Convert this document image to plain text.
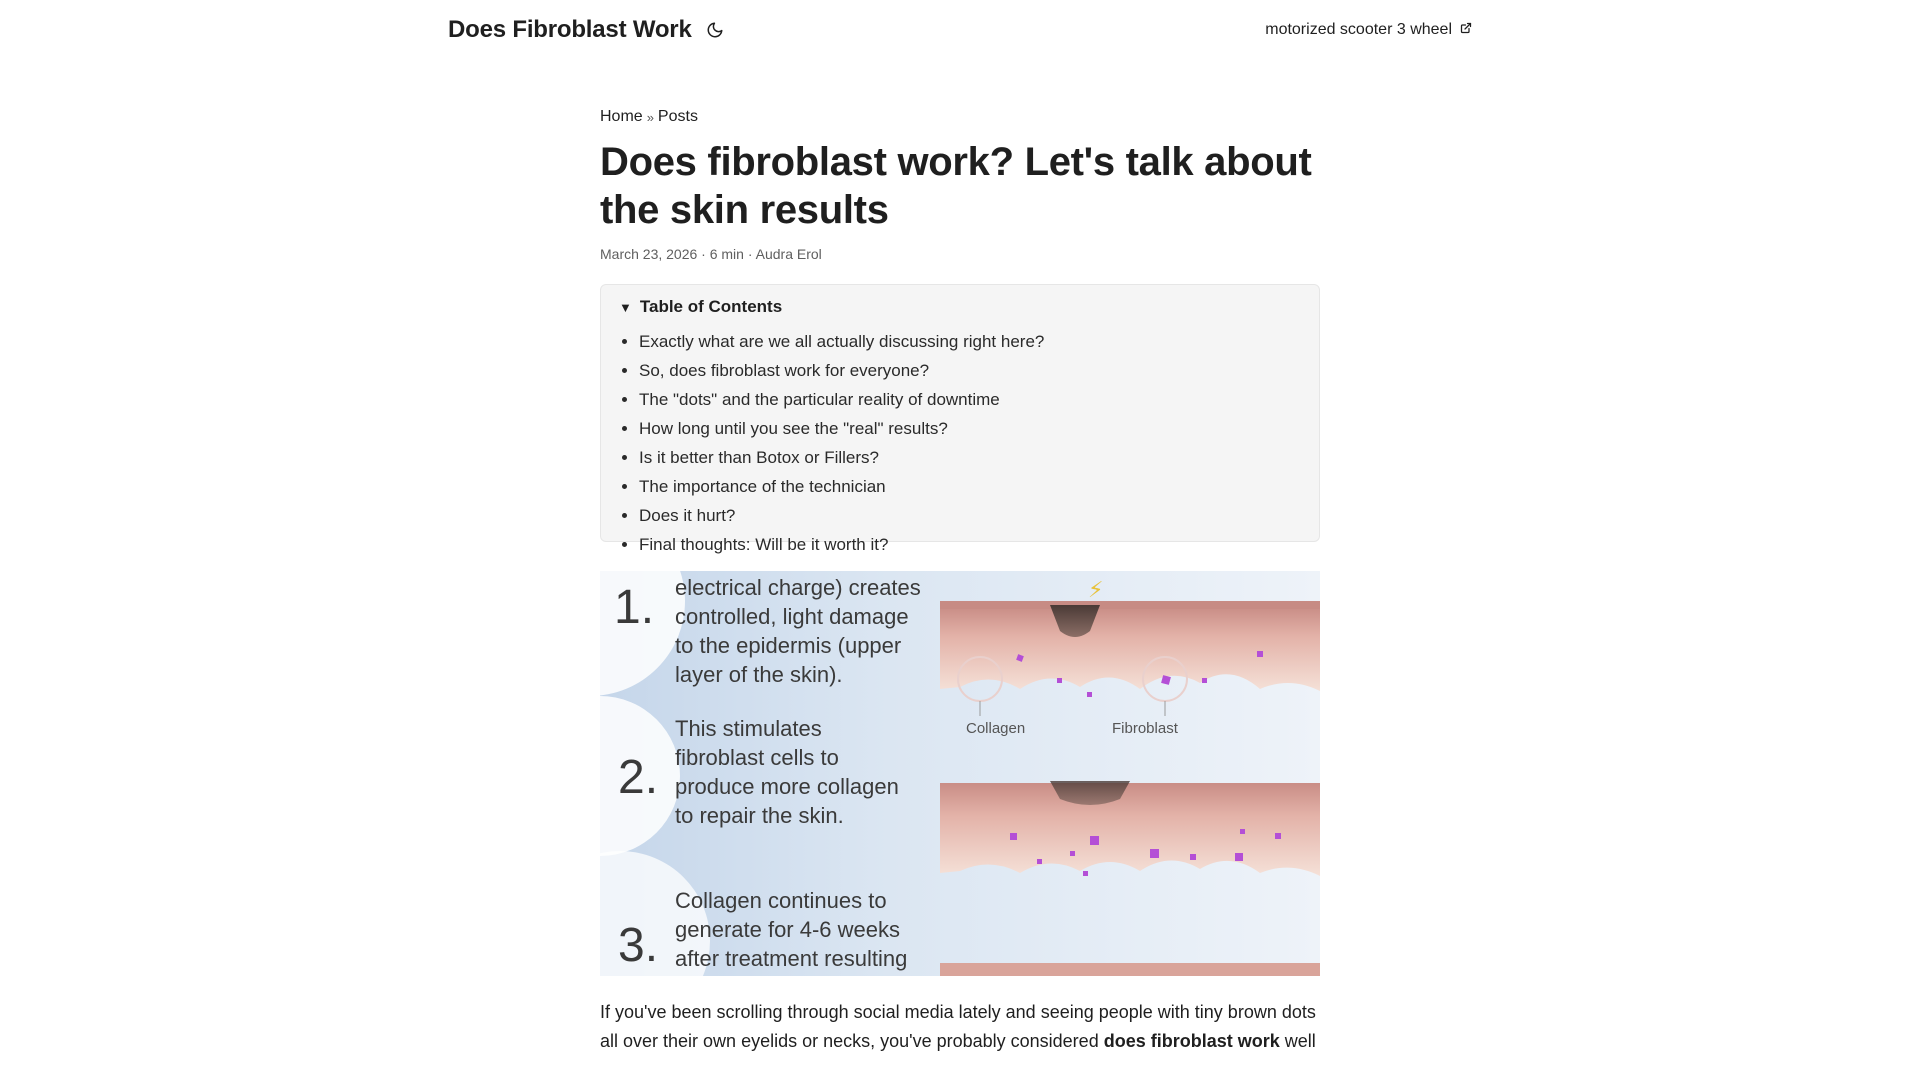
Does Fibroblast Work	motorized scooter 3 wheel
Home » Posts
Does fibroblast work? Let's talk about the skin results
March 23, 2026 · 6 min · Audra Erol
▼ Table of Contents
• Exactly what are we all actually discussing right here?
• So, does fibroblast work for everyone?
• The "dots" and the particular reality of downtime
• How long until you see the "real" results?
• Is it better than Botox or Fillers?
• The importance of the technician
• Does it hurt?
• Final thoughts: Will be it worth it?
⚡
1. electrical charge) creates
controlled, light damage
to the epidermis (upper
layer of the skin).
2.
This stimulates
fibroblast cells to
produce more collagen
to repair the skin.
3.
Collagen continues to
generate for 4-6 weeks
after treatment resulting
Collagen	Fibroblast

If you've been scrolling through social media lately and seeing people with tiny brown dots all over their own eyelids or necks, you've probably considered does fibroblast work well
